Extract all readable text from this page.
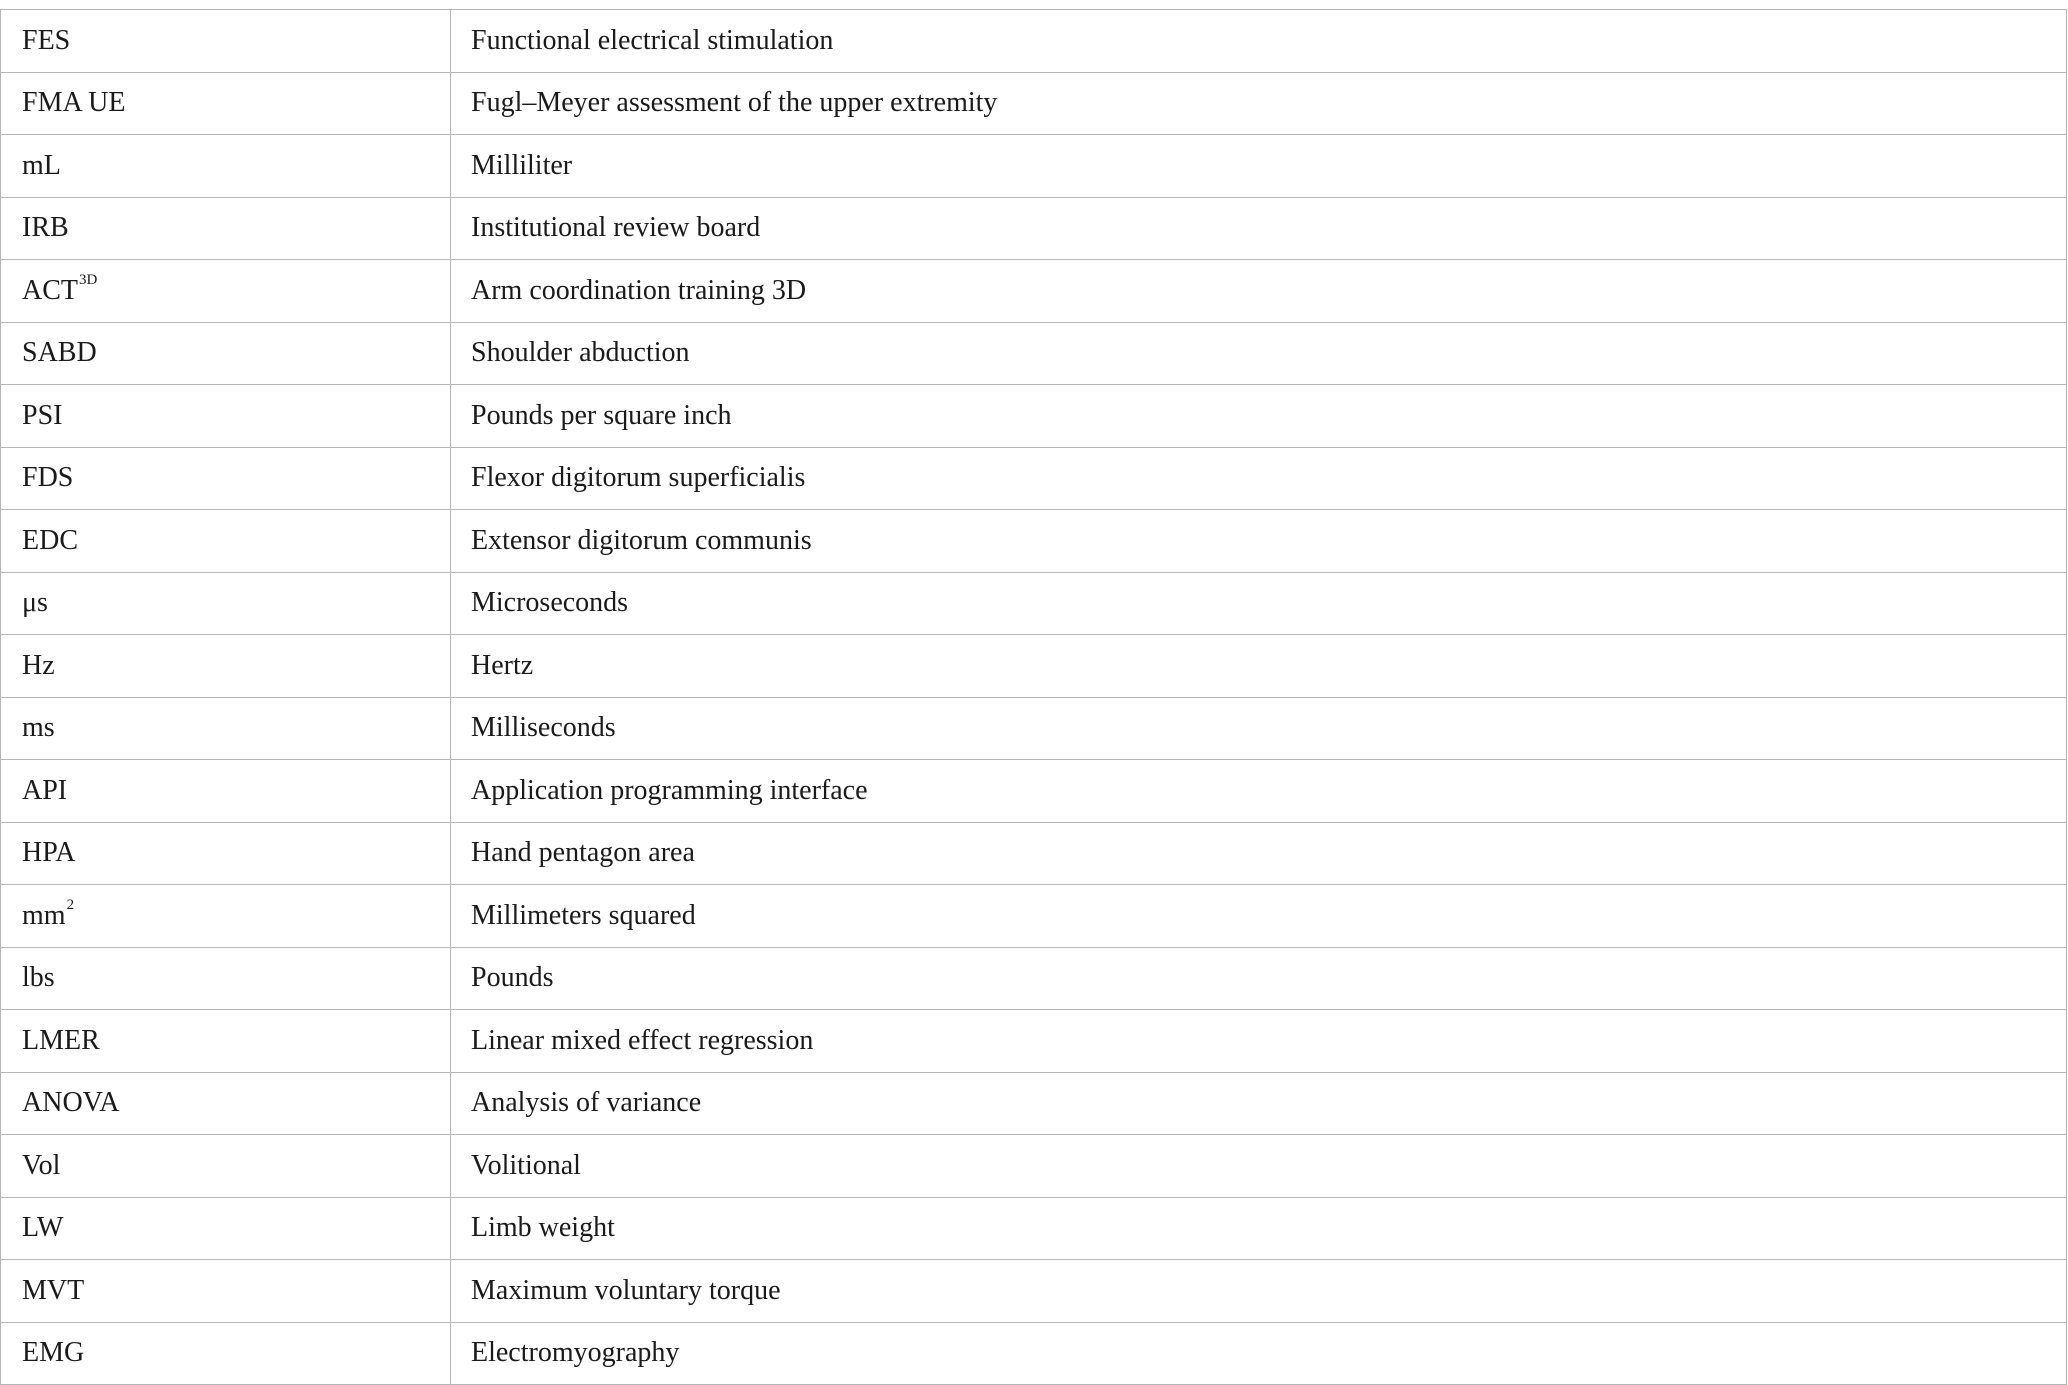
FES	Functional electrical stimulation
FMA UE	Fugl–Meyer assessment of the upper extremity
mL	Milliliter
IRB	Institutional review board
$ACT^{3D}$	Arm coordination training 3D
SABD	Shoulder abduction
PSI	Pounds per square inch
FDS	Flexor digitorum superficialis
EDC	Extensor digitorum communis
μs	Microseconds
Hz	Hertz
ms	Milliseconds
API	Application programming interface
HPA	Hand pentagon area
$mm^2$	Millimeters squared
lbs	Pounds
LMER	Linear mixed effect regression
ANOVA	Analysis of variance
Vol	Volitional
LW	Limb weight
MVT	Maximum voluntary torque
EMG	Electromyography
